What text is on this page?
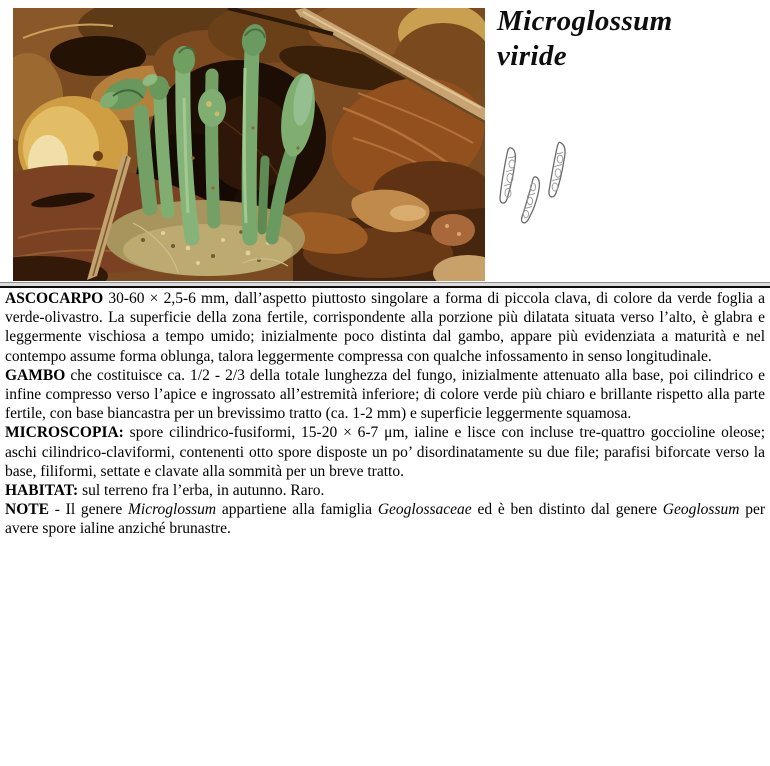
Microglossum
viride

ASCOCARPO 30-60 × 2,5-6 mm, dall’aspetto piuttosto singolare a forma di piccola clava, di colore da verde foglia a verde-olivastro. La superficie della zona fertile, corrispondente alla porzione più dilatata situata verso l’alto, è glabra e leggermente vischiosa a tempo umido; inizialmente poco distinta dal gambo, appare più evidenziata a maturità e nel contempo assume forma oblunga, talora leggermente compressa con qualche infossamento in senso longitudinale.

GAMBO che costituisce ca. 1/2 - 2/3 della totale lunghezza del fungo, inizialmente attenuato alla base, poi cilindrico e infine compresso verso l’apice e ingrossato all’estremità inferiore; di colore verde più chiaro e brillante rispetto alla parte fertile, con base biancastra per un brevissimo tratto (ca. 1-2 mm) e superficie leggermente squamosa.

MICROSCOPIA: spore cilindrico-fusiformi, 15-20 × 6-7 μm, ialine e lisce con incluse tre-quattro goccioline oleose; aschi cilindrico-claviformi, contenenti otto spore disposte un po’ disordinatamente su due file; parafisi biforcate verso la base, filiformi, settate e clavate alla sommità per un breve tratto.

HABITAT: sul terreno fra l’erba, in autunno. Raro.

NOTE - Il genere Microglossum appartiene alla famiglia Geoglossaceae ed è ben distinto dal genere Geoglossum per avere spore ialine anziché brunastre.
